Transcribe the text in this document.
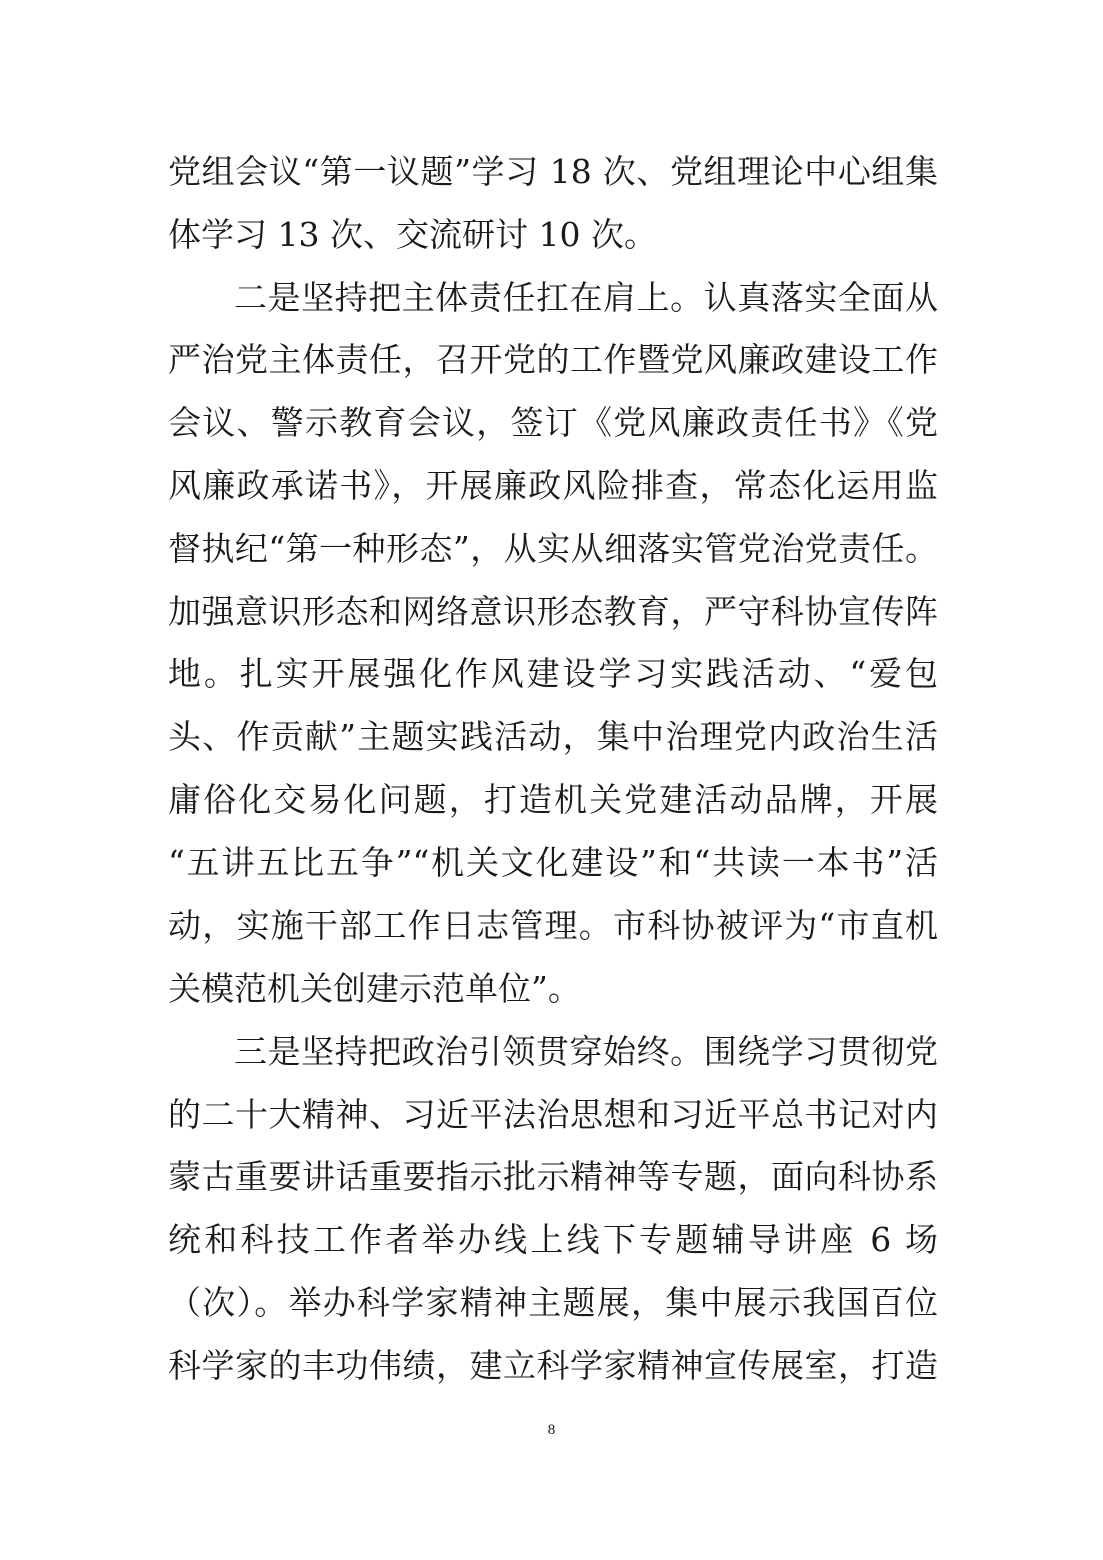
党组会议“第一议题”学习 18 次、党组理论中心组集
体学习 13 次、交流研讨 10 次。
二是坚持把主体责任扛在肩上。认真落实全面从
严治党主体责任，召开党的工作暨党风廉政建设工作
会议、警示教育会议，签订《党风廉政责任书》《党
风廉政承诺书》，开展廉政风险排查，常态化运用监
督执纪“第一种形态”，从实从细落实管党治党责任。
加强意识形态和网络意识形态教育，严守科协宣传阵
地。扎实开展强化作风建设学习实践活动、“爱包
头、作贡献”主题实践活动，集中治理党内政治生活
庸俗化交易化问题，打造机关党建活动品牌，开展
“五讲五比五争”“机关文化建设”和“共读一本书”活
动，实施干部工作日志管理。市科协被评为“市直机
关模范机关创建示范单位”。
三是坚持把政治引领贯穿始终。围绕学习贯彻党
的二十大精神、习近平法治思想和习近平总书记对内
蒙古重要讲话重要指示批示精神等专题，面向科协系
统和科技工作者举办线上线下专题辅导讲座 6 场
（次）。举办科学家精神主题展，集中展示我国百位
科学家的丰功伟绩，建立科学家精神宣传展室，打造
8
